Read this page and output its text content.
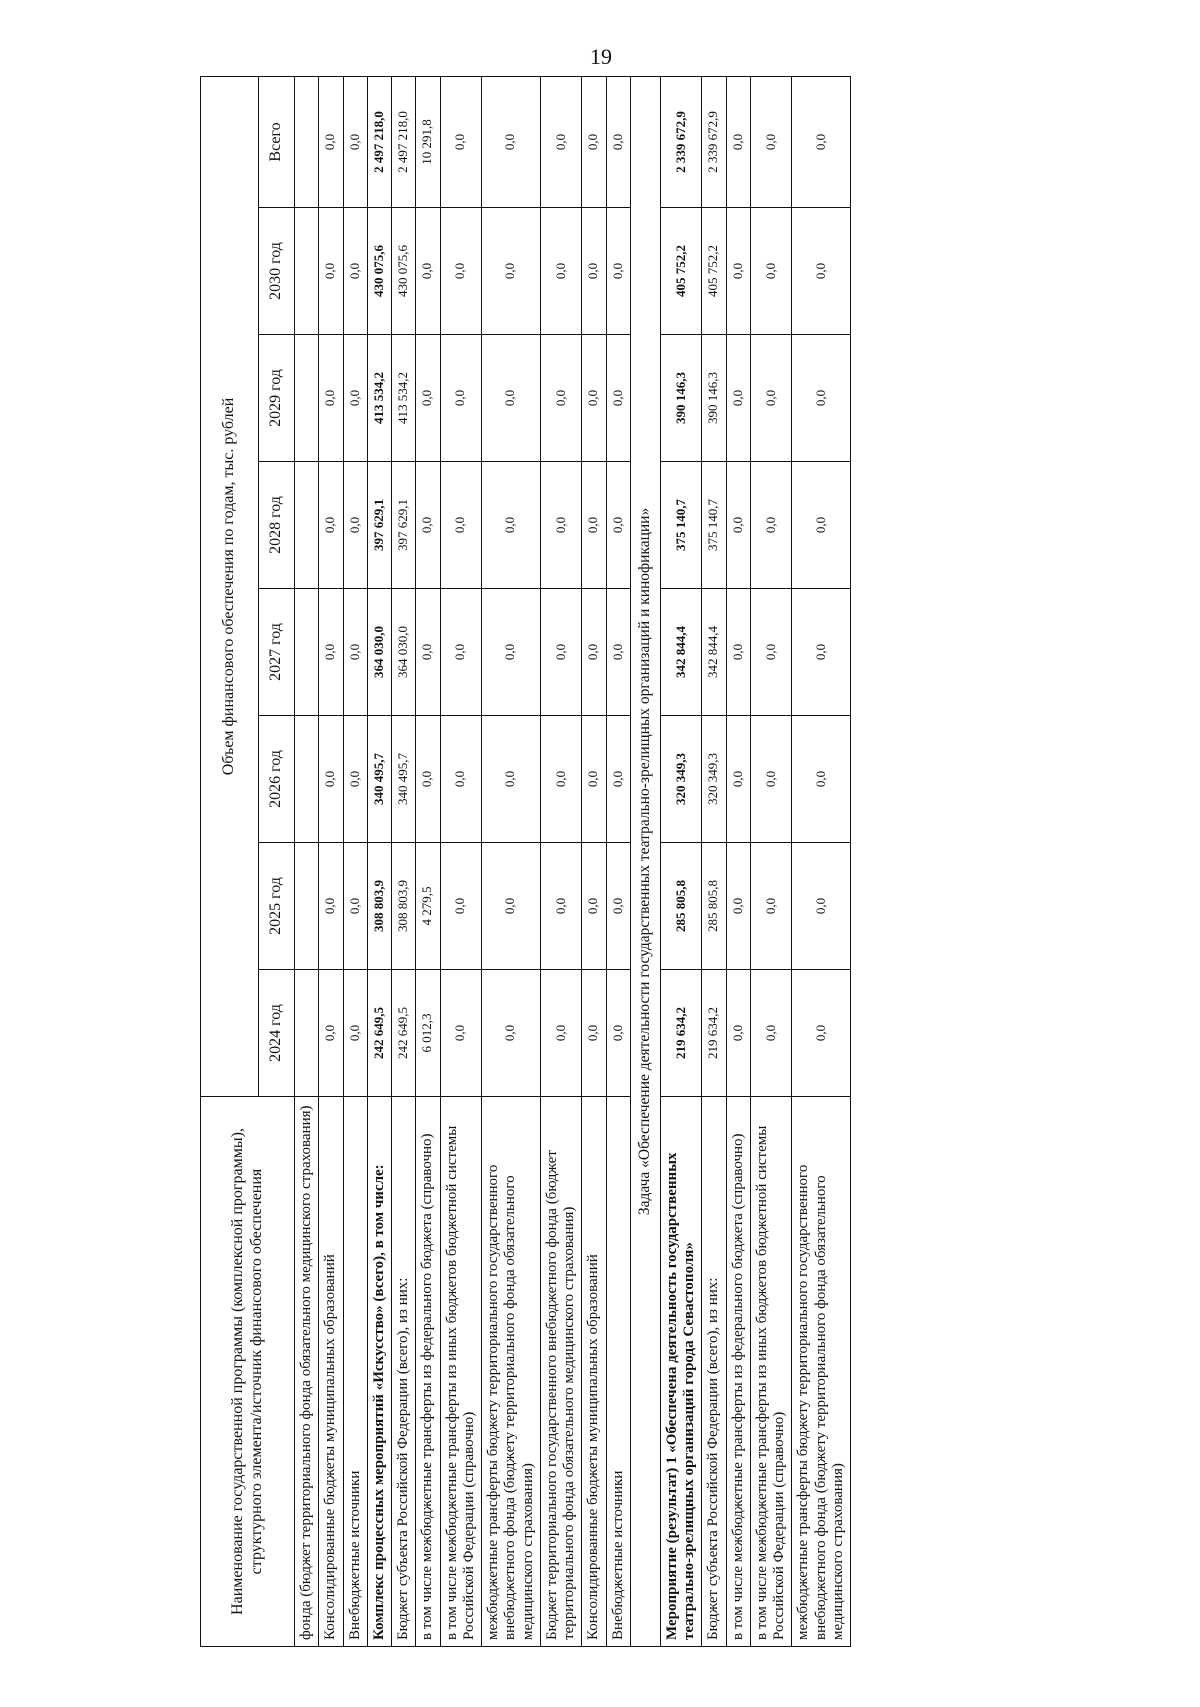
19
Наименование государственной программы (комплексной программы), структурного элемента/источник финансового обеспечения	Объем финансового обеспечения по годам, тыс. рублей							
	2024 год	2025 год	2026 год	2027 год	2028 год	2029 год	2030 год	Всего
фонда (бюджет территориального фонда обязательного медицинского страхования)								
Консолидированные бюджеты муниципальных образований	0,0	0,0	0,0	0,0	0,0	0,0	0,0	0,0
Внебюджетные источники	0,0	0,0	0,0	0,0	0,0	0,0	0,0	0,0
Комплекс процессных мероприятий «Искусство» (всего), в том числе:	242 649,5	308 803,9	340 495,7	364 030,0	397 629,1	413 534,2	430 075,6	2 497 218,0
Бюджет субъекта Российской Федерации (всего), из них:	242 649,5	308 803,9	340 495,7	364 030,0	397 629,1	413 534,2	430 075,6	2 497 218,0
в том числе межбюджетные трансферты из федерального бюджета (справочно)	6 012,3	4 279,5	0,0	0,0	0,0	0,0	0,0	10 291,8
в том числе межбюджетные трансферты из иных бюджетов бюджетной системы Российской Федерации (справочно)	0,0	0,0	0,0	0,0	0,0	0,0	0,0	0,0
межбюджетные трансферты бюджету территориального государственного внебюджетного фонда (бюджету территориального фонда обязательного медицинского страхования)	0,0	0,0	0,0	0,0	0,0	0,0	0,0	0,0
Бюджет территориального государственного внебюджетного фонда (бюджет территориального фонда обязательного медицинского страхования)	0,0	0,0	0,0	0,0	0,0	0,0	0,0	0,0
Консолидированные бюджеты муниципальных образований	0,0	0,0	0,0	0,0	0,0	0,0	0,0	0,0
Внебюджетные источники	0,0	0,0	0,0	0,0	0,0	0,0	0,0	0,0
Задача «Обеспечение деятельности государственных театрально-зрелищных организаций и кинофикации»								
Мероприятие (результат) 1 «Обеспечена деятельность государственных театрально-зрелищных организаций города Севастополя»	219 634,2	285 805,8	320 349,3	342 844,4	375 140,7	390 146,3	405 752,2	2 339 672,9
Бюджет субъекта Российской Федерации (всего), из них:	219 634,2	285 805,8	320 349,3	342 844,4	375 140,7	390 146,3	405 752,2	2 339 672,9
в том числе межбюджетные трансферты из федерального бюджета (справочно)	0,0	0,0	0,0	0,0	0,0	0,0	0,0	0,0
в том числе межбюджетные трансферты из иных бюджетов бюджетной системы Российской Федерации (справочно)	0,0	0,0	0,0	0,0	0,0	0,0	0,0	0,0
межбюджетные трансферты бюджету территориального государственного внебюджетного фонда (бюджету территориального фонда обязательного медицинского страхования)	0,0	0,0	0,0	0,0	0,0	0,0	0,0	0,0
